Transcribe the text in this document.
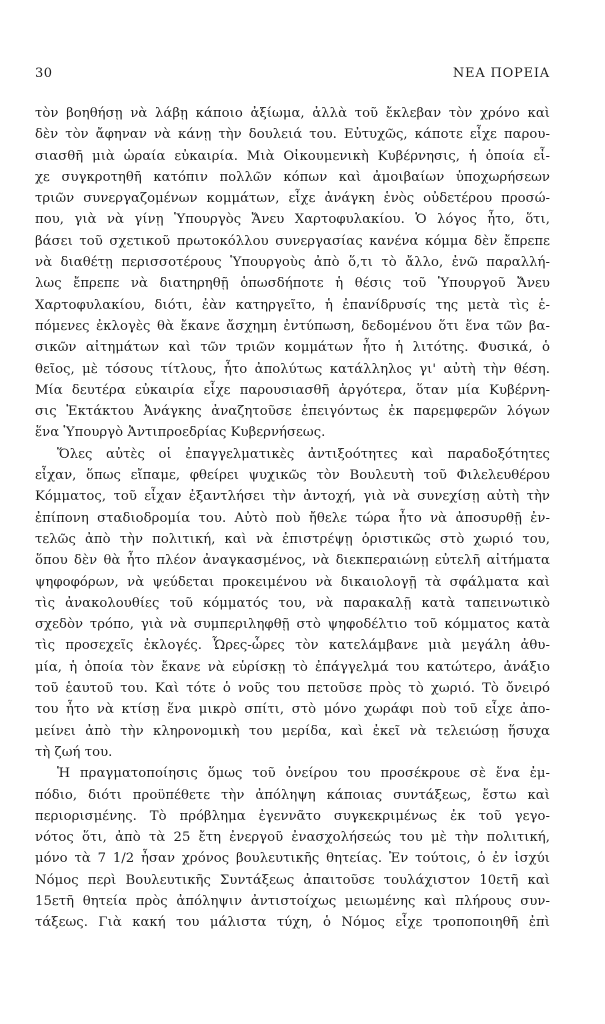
30	ΝΕΑ ΠΟΡΕΙΑ
τὸν βοηθήσῃ νὰ λάβῃ κάποιο ἀξίωμα, ἀλλὰ τοῦ ἔκλεβαν τὸν χρόνο καὶ
δὲν τὸν ἄφηναν νὰ κάνῃ τὴν δουλειά του. Εὐτυχῶς, κάποτε εἶχε παρου-
σιασθῆ μιὰ ὡραία εὐκαιρία. Μιὰ Οἰκουμενικὴ Κυβέρνησις, ἡ ὁποία εἶ-
χε συγκροτηθῆ κατόπιν πολλῶν κόπων καὶ ἀμοιβαίων ὑποχωρήσεων
τριῶν συνεργαζομένων κομμάτων, εἶχε ἀνάγκη ἑνὸς οὐδετέρου προσώ-
που, γιὰ νὰ γίνῃ Ὑπουργὸς Ἄνευ Χαρτοφυλακίου. Ὁ λόγος ἦτο, ὅτι,
βάσει τοῦ σχετικοῦ πρωτοκόλλου συνεργασίας κανένα κόμμα δὲν ἔπρεπε
νὰ διαθέτῃ περισσοτέρους Ὑπουργοὺς ἀπὸ ὅ,τι τὸ ἄλλο, ἐνῶ παραλλή-
λως ἔπρεπε νὰ διατηρηθῇ ὁπωσδήποτε ἡ θέσις τοῦ Ὑπουργοῦ Ἄνευ
Χαρτοφυλακίου, διότι, ἐὰν κατηργεῖτο, ἡ ἐπανίδρυσίς της μετὰ τὶς ἑ-
πόμενες ἐκλογὲς θὰ ἔκανε ἄσχημη ἐντύπωση, δεδομένου ὅτι ἕνα τῶν βα-
σικῶν αἰτημάτων καὶ τῶν τριῶν κομμάτων ἦτο ἡ λιτότης. Φυσικά, ὁ
θεῖος, μὲ τόσους τίτλους, ἦτο ἀπολύτως κατάλληλος γι' αὐτὴ τὴν θέση.
Μία δευτέρα εὐκαιρία εἶχε παρουσιασθῆ ἀργότερα, ὅταν μία Κυβέρνη-
σις Ἐκτάκτου Ἀνάγκης ἀναζητοῦσε ἐπειγόντως ἐκ παρεμφερῶν λόγων
ἕνα Ὑπουργὸ Ἀντιπροεδρίας Κυβερνήσεως.
Ὅλες αὐτὲς οἱ ἐπαγγελματικὲς ἀντιξοότητες καὶ παραδοξότητες
εἶχαν, ὅπως εἴπαμε, φθείρει ψυχικῶς τὸν Βουλευτὴ τοῦ Φιλελευθέρου
Κόμματος, τοῦ εἶχαν ἐξαντλήσει τὴν ἀντοχή, γιὰ νὰ συνεχίσῃ αὐτὴ τὴν
ἐπίπονη σταδιοδρομία του. Αὐτὸ ποὺ ἤθελε τώρα ἦτο νὰ ἀποσυρθῇ ἐν-
τελῶς ἀπὸ τὴν πολιτική, καὶ νὰ ἐπιστρέψῃ ὁριστικῶς στὸ χωριό του,
ὅπου δὲν θὰ ἦτο πλέον ἀναγκασμένος, νὰ διεκπεραιώνῃ εὐτελῆ αἰτήματα
ψηφοφόρων, νὰ ψεύδεται προκειμένου νὰ δικαιολογῇ τὰ σφάλματα καὶ
τὶς ἀνακολουθίες τοῦ κόμματός του, νὰ παρακαλῇ κατὰ ταπεινωτικὸ
σχεδὸν τρόπο, γιὰ νὰ συμπεριληφθῇ στὸ ψηφοδέλτιο τοῦ κόμματος κατὰ
τὶς προσεχεῖς ἐκλογές. Ὧρες-ὧρες τὸν κατελάμβανε μιὰ μεγάλη ἀθυ-
μία, ἡ ὁποία τὸν ἔκανε νὰ εὑρίσκῃ τὸ ἐπάγγελμά του κατώτερο, ἀνάξιο
τοῦ ἑαυτοῦ του. Καὶ τότε ὁ νοῦς του πετοῦσε πρὸς τὸ χωριό. Τὸ ὄνειρό
του ἦτο νὰ κτίσῃ ἕνα μικρὸ σπίτι, στὸ μόνο χωράφι ποὺ τοῦ εἶχε ἀπο-
μείνει ἀπὸ τὴν κληρονομικὴ του μερίδα, καὶ ἐκεῖ νὰ τελειώσῃ ἥσυχα
τὴ ζωή του.
Ἡ πραγματοποίησις ὅμως τοῦ ὀνείρου του προσέκρουε σὲ ἕνα ἐμ-
πόδιο, διότι προϋπέθετε τὴν ἀπόληψη κάποιας συντάξεως, ἔστω καὶ
περιορισμένης. Τὸ πρόβλημα ἐγεννᾶτο συγκεκριμένως ἐκ τοῦ γεγο-
νότος ὅτι, ἀπὸ τὰ 25 ἔτη ἐνεργοῦ ἐνασχολήσεώς του μὲ τὴν πολιτική,
μόνο τὰ 7 1/2 ἦσαν χρόνος βουλευτικῆς θητείας. Ἐν τούτοις, ὁ ἐν ἰσχύι
Νόμος περὶ Βουλευτικῆς Συντάξεως ἀπαιτοῦσε τουλάχιστον 10ετῆ καὶ
15ετῆ θητεία πρὸς ἀπόληψιν ἀντιστοίχως μειωμένης καὶ πλήρους συν-
τάξεως. Γιὰ κακή του μάλιστα τύχη, ὁ Νόμος εἶχε τροποποιηθῆ ἐπὶ
